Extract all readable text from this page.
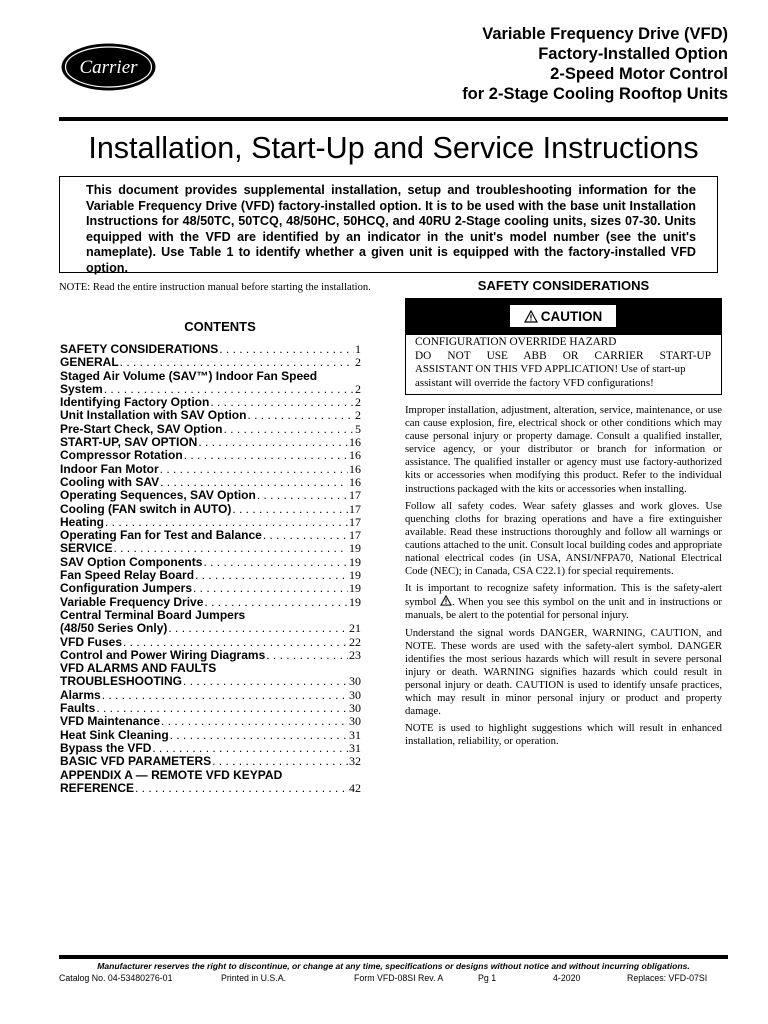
Carrier
Variable Frequency Drive (VFD)
Factory-Installed Option
2-Speed Motor Control
for 2-Stage Cooling Rooftop Units
Installation, Start-Up and Service Instructions
This document provides supplemental installation, setup and troubleshooting information for the Variable Frequency Drive (VFD) factory-installed option. It is to be used with the base unit Installation Instructions for 48/50TC, 50TCQ, 48/50HC, 50HCQ, and 40RU 2-Stage cooling units, sizes 07-30. Units equipped with the VFD are identified by an indicator in the unit's model number (see the unit's nameplate). Use Table 1 to identify whether a given unit is equipped with the factory-installed VFD option.
NOTE: Read the entire instruction manual before starting the installation.
CONTENTS
SAFETY CONSIDERATIONS . . .	1
GENERAL . . .	2
Staged Air Volume (SAV™) Indoor Fan Speed
System . . .	2
Identifying Factory Option . . .	2
Unit Installation with SAV Option . . .	2
Pre-Start Check, SAV Option . . .	5
START-UP, SAV OPTION . . .	16
Compressor Rotation . . .	16
Indoor Fan Motor . . .	16
Cooling with SAV . . .	16
Operating Sequences, SAV Option . . .	17
Cooling (FAN switch in AUTO) . . .	17
Heating . . .	17
Operating Fan for Test and Balance . . .	17
SERVICE . . .	19
SAV Option Components . . .	19
Fan Speed Relay Board . . .	19
Configuration Jumpers . . .	19
Variable Frequency Drive . . .	19
Central Terminal Board Jumpers
(48/50 Series Only) . . .	21
VFD Fuses . . .	22
Control and Power Wiring Diagrams . . .	23
VFD ALARMS AND FAULTS
TROUBLESHOOTING . . .	30
Alarms . . .	30
Faults . . .	30
VFD Maintenance . . .	30
Heat Sink Cleaning . . .	31
Bypass the VFD . . .	31
BASIC VFD PARAMETERS . . .	32
APPENDIX A — REMOTE VFD KEYPAD
REFERENCE . . .	42
SAFETY CONSIDERATIONS
CAUTION
CONFIGURATION OVERRIDE HAZARD
DO NOT USE ABB OR CARRIER START-UP
ASSISTANT ON THIS VFD APPLICATION! Use of start-up assistant will override the factory VFD configurations!

Improper installation, adjustment, alteration, service, maintenance, or use can cause explosion, fire, electrical shock or other conditions which may cause personal injury or property damage. Consult a qualified installer, service agency, or your distributor or branch for information or assistance. The qualified installer or agency must use factory-authorized kits or accessories when modifying this product. Refer to the individual instructions packaged with the kits or accessories when installing.

Follow all safety codes. Wear safety glasses and work gloves. Use quenching cloths for brazing operations and have a fire extinguisher available. Read these instructions thoroughly and follow all warnings or cautions attached to the unit. Consult local building codes and appropriate national electrical codes (in USA, ANSI/NFPA70, National Electrical Code (NEC); in Canada, CSA C22.1) for special requirements.

It is important to recognize safety information. This is the safety-alert symbol . When you see this symbol on the unit and in instructions or manuals, be alert to the potential for personal injury.

Understand the signal words DANGER, WARNING, CAUTION, and NOTE. These words are used with the safety-alert symbol. DANGER identifies the most serious hazards which will result in severe personal injury or death. WARNING signifies hazards which could result in personal injury or death. CAUTION is used to identify unsafe practices, which may result in minor personal injury or product and property damage.

NOTE is used to highlight suggestions which will result in enhanced installation, reliability, or operation.

Manufacturer reserves the right to discontinue, or change at any time, specifications or designs without notice and without incurring obligations.
Catalog No. 04-53480276-01	Printed in U.S.A.	Form VFD-08SI Rev. A	Pg 1	4-2020	Replaces: VFD-07SI
